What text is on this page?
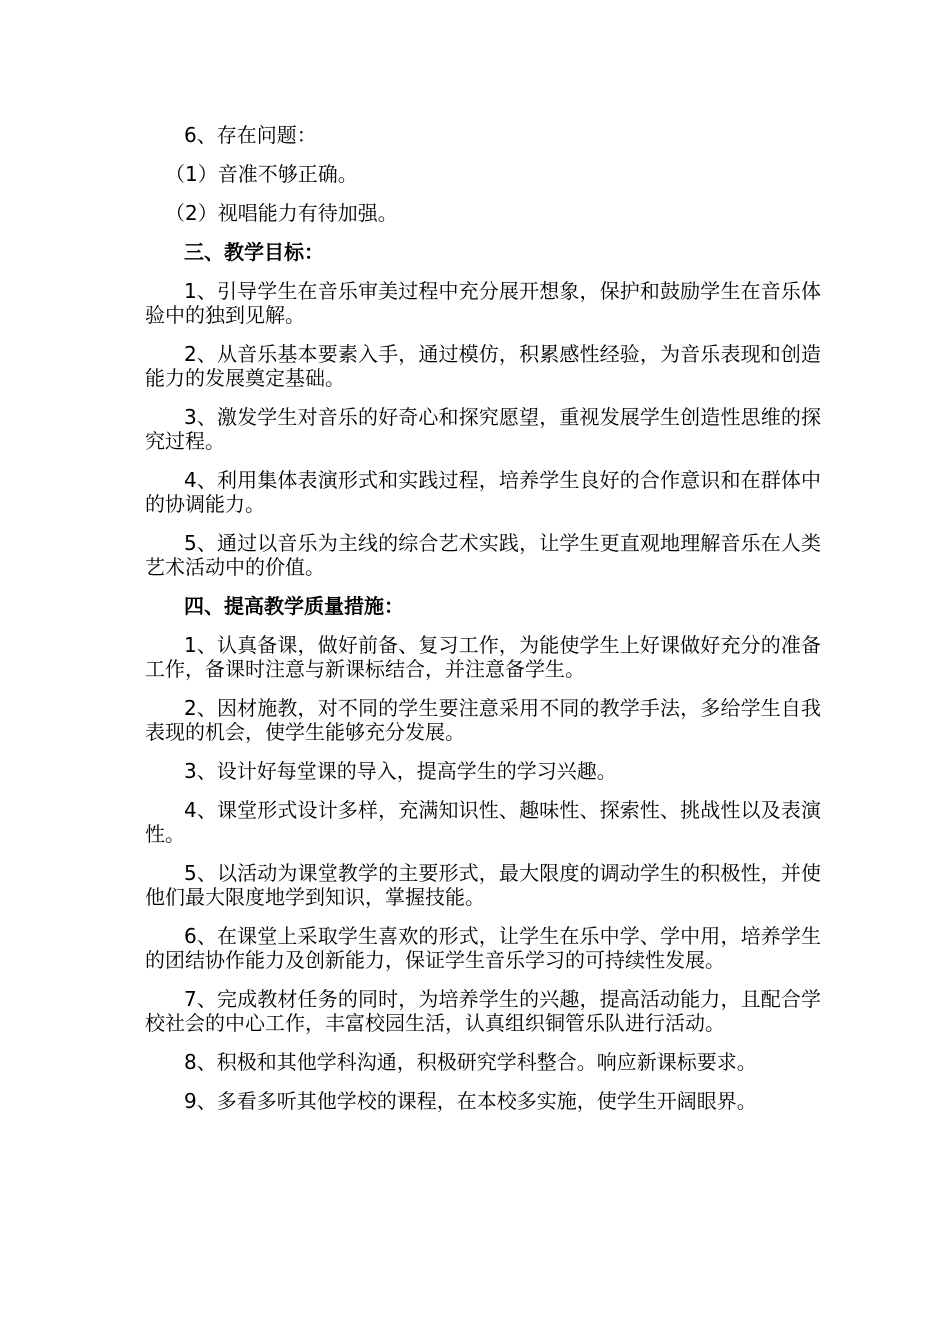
6、存在问题：

（1）音准不够正确。

（2）视唱能力有待加强。

三、教学目标：

1、引导学生在音乐审美过程中充分展开想象，保护和鼓励学生在音乐体验中的独到见解。

2、从音乐基本要素入手，通过模仿，积累感性经验，为音乐表现和创造能力的发展奠定基础。

3、激发学生对音乐的好奇心和探究愿望，重视发展学生创造性思维的探究过程。

4、利用集体表演形式和实践过程，培养学生良好的合作意识和在群体中的协调能力。

5、通过以音乐为主线的综合艺术实践，让学生更直观地理解音乐在人类艺术活动中的价值。

四、提高教学质量措施：

1、认真备课，做好前备、复习工作，为能使学生上好课做好充分的准备工作，备课时注意与新课标结合，并注意备学生。

2、因材施教，对不同的学生要注意采用不同的教学手法，多给学生自我表现的机会，使学生能够充分发展。

3、设计好每堂课的导入，提高学生的学习兴趣。

4、课堂形式设计多样，充满知识性、趣味性、探索性、挑战性以及表演性。

5、以活动为课堂教学的主要形式，最大限度的调动学生的积极性，并使他们最大限度地学到知识，掌握技能。

6、在课堂上采取学生喜欢的形式，让学生在乐中学、学中用，培养学生的团结协作能力及创新能力，保证学生音乐学习的可持续性发展。

7、完成教材任务的同时，为培养学生的兴趣，提高活动能力，且配合学校社会的中心工作，丰富校园生活，认真组织铜管乐队进行活动。

8、积极和其他学科沟通，积极研究学科整合。响应新课标要求。

9、多看多听其他学校的课程，在本校多实施，使学生开阔眼界。
